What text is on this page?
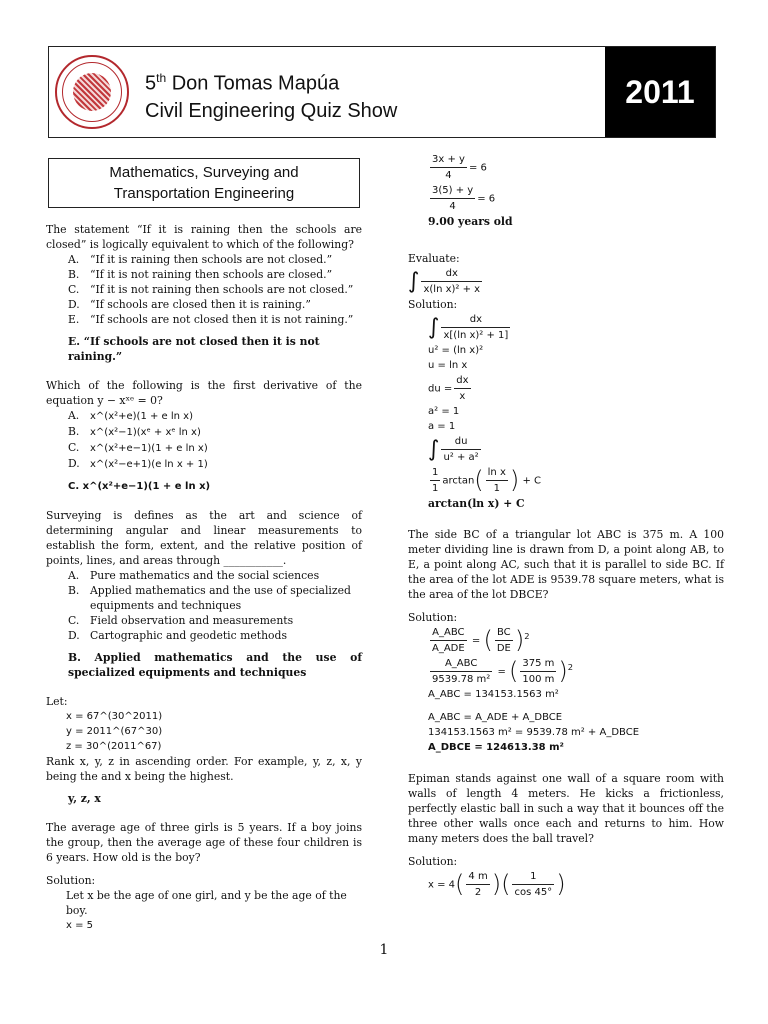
5th Don Tomas Mapúa
Civil Engineering Quiz Show
2011
Mathematics, Surveying and
Transportation Engineering

The statement “If it is raining then the schools are closed” is logically equivalent to which of the following?

A. “If it is raining then schools are not closed.”
B. “If it is not raining then schools are closed.”
C. “If it is not raining then schools are not closed.”
D. “If schools are closed then it is raining.”
E. “If schools are not closed then it is not raining.”

E. “If schools are not closed then it is not raining.”

Which of the following is the first derivative of the equation y − xˣᵉ = 0?

A. x^(x²+e)(1 + e ln x)
B. x^(x²−1)(xᵉ + xᵉ ln x)
C. x^(x²+e−1)(1 + e ln x)
D. x^(x²−e+1)(e ln x + 1)

C. x^(x²+e−1)(1 + e ln x)

Surveying is defines as the art and science of determining angular and linear measurements to establish the form, extent, and the relative position of points, lines, and areas through ___________.

A. Pure mathematics and the social sciences
B. Applied mathematics and the use of specialized equipments and techniques
C. Field observation and measurements
D. Cartographic and geodetic methods

B. Applied mathematics and the use of specialized equipments and techniques

Let:

x = 67^(30^2011)

y = 2011^(67^30)

z = 30^(2011^67)

Rank x, y, z in ascending order. For example, y, z, x, y being the and x being the highest.

y, z, x

The average age of three girls is 5 years. If a boy joins the group, then the average age of these four children is 6 years. How old is the boy?

Solution:

Let x be the age of one girl, and y be the age of the boy.

x = 5

$\frac{3x + y}{4} = 6$

$\frac{3(5) + y}{4} = 6$

9.00 years old

Evaluate:

∫ $\frac{dx}{\text{x(ln x)² + x}}$

Solution:

∫ $\frac{dx}{\text{x[(ln x)² + 1]}}$

u² = (ln x)²

u = ln x

du = $\frac{dx}{x}$

a² = 1

a = 1

∫ $\frac{du}{\text{u² + a²}}$

$\frac{1}{1} \arctan( \frac{\text{ln x}}{1}$ ) + C

arctan(ln x) + C

The side BC of a triangular lot ABC is 375 m. A 100 meter dividing line is drawn from D, a point along AB, to E, a point along AC, such that it is parallel to side BC. If the area of the lot ADE is 9539.78 square meters, what is the area of the lot DBCE?

Solution:

$\frac{\text{A\_ABC}}{\text{A\_ADE}}$ = ( $\frac{BC}{DE} )^2$

$\frac{\text{A\_ABC}}{\text{9539.78 m²}}$ = ( $\frac{375 m}{100 m} )^2$

A_ABC = 134153.1563 m²

A_ABC = A_ADE + A_DBCE

134153.1563 m² = 9539.78 m² + A_DBCE

A_DBCE = 124613.38 m²

Epiman stands against one wall of a square room with walls of length 4 meters. He kicks a frictionless, perfectly elastic ball in such a way that it bounces off the three other walls once each and returns to him. How many meters does the ball travel?

Solution:

$x = 4( \frac{4 m}{2}$ )( $\frac{1}{\cos 45^\circ}$ )

1
